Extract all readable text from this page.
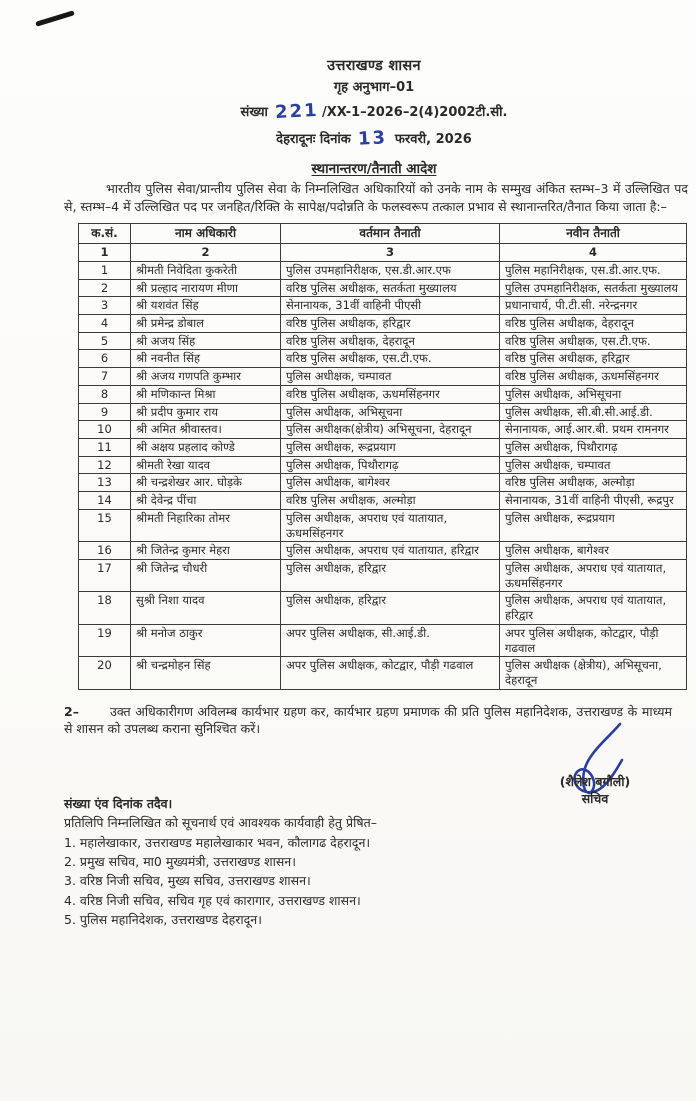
उत्तराखण्ड शासन
गृह अनुभाग–01
संख्या 221 /XX-1–2026–2(4)2002टी.सी.
देहरादूनः दिनांक 13 फरवरी, 2026
स्थानान्तरण/तैनाती आदेश

भारतीय पुलिस सेवा/प्रान्तीय पुलिस सेवा के निम्नलिखित अधिकारियों को उनके नाम के सम्मुख अंकित स्तम्भ–3 में उल्लिखित पद से, स्तम्भ–4 में उल्लिखित पद पर जनहित/रिक्ति के सापेक्ष/पदोन्नति के फलस्वरूप तत्काल प्रभाव से स्थानान्तरित/तैनात किया जाता है:–

क.सं.	नाम अधिकारी	वर्तमान तैनाती	नवीन तैनाती
1	2	3	4
1	श्रीमती निवेदिता कुकरेती	पुलिस उपमहानिरीक्षक, एस.डी.आर.एफ	पुलिस महानिरीक्षक, एस.डी.आर.एफ.
2	श्री प्रल्हाद नारायण मीणा	वरिष्ठ पुलिस अधीक्षक, सतर्कता मुख्यालय	पुलिस उपमहानिरीक्षक, सतर्कता मुख्यालय
3	श्री यशवंत सिंह	सेनानायक, 31वीं वाहिनी पीएसी	प्रधानाचार्य, पी.टी.सी. नरेन्द्रनगर
4	श्री प्रमेन्द्र डोबाल	वरिष्ठ पुलिस अधीक्षक, हरिद्वार	वरिष्ठ पुलिस अधीक्षक, देहरादून
5	श्री अजय सिंह	वरिष्ठ पुलिस अधीक्षक, देहरादून	वरिष्ठ पुलिस अधीक्षक, एस.टी.एफ.
6	श्री नवनीत सिंह	वरिष्ठ पुलिस अधीक्षक, एस.टी.एफ.	वरिष्ठ पुलिस अधीक्षक, हरिद्वार
7	श्री अजय गणपति कुम्भार	पुलिस अधीक्षक, चम्पावत	वरिष्ठ पुलिस अधीक्षक, ऊधमसिंहनगर
8	श्री मणिकान्त मिश्रा	वरिष्ठ पुलिस अधीक्षक, ऊधमसिंहनगर	पुलिस अधीक्षक, अभिसूचना
9	श्री प्रदीप कुमार राय	पुलिस अधीक्षक, अभिसूचना	पुलिस अधीक्षक, सी.बी.सी.आई.डी.
10	श्री अमित श्रीवास्तव।	पुलिस अधीक्षक(क्षेत्रीय) अभिसूचना, देहरादून	सेनानायक, आई.आर.बी. प्रथम रामनगर
11	श्री अक्षय प्रहलाद कोण्डे	पुलिस अधीक्षक, रूद्रप्रयाग	पुलिस अधीक्षक, पिथौरागढ़
12	श्रीमती रेखा यादव	पुलिस अधीक्षक, पिथौरागढ़	पुलिस अधीक्षक, चम्पावत
13	श्री चन्द्रशेखर आर. घोड़के	पुलिस अधीक्षक, बागेश्वर	वरिष्ठ पुलिस अधीक्षक, अल्मोड़ा
14	श्री देवेन्द्र पींचा	वरिष्ठ पुलिस अधीक्षक, अल्मोड़ा	सेनानायक, 31वीं वाहिनी पीएसी, रूद्रपुर
15	श्रीमती निहारिका तोमर	पुलिस अधीक्षक, अपराध एवं यातायात, ऊधमसिंहनगर	पुलिस अधीक्षक, रूद्रप्रयाग
16	श्री जितेन्द्र कुमार मेहरा	पुलिस अधीक्षक, अपराध एवं यातायात, हरिद्वार	पुलिस अधीक्षक, बागेश्वर
17	श्री जितेन्द्र चौधरी	पुलिस अधीक्षक, हरिद्वार	पुलिस अधीक्षक, अपराध एवं यातायात, ऊधमसिंहनगर
18	सुश्री निशा यादव	पुलिस अधीक्षक, हरिद्वार	पुलिस अधीक्षक, अपराध एवं यातायात, हरिद्वार
19	श्री मनोज ठाकुर	अपर पुलिस अधीक्षक, सी.आई.डी.	अपर पुलिस अधीक्षक, कोटद्वार, पौड़ी गढवाल
20	श्री चन्द्रमोहन सिंह	अपर पुलिस अधीक्षक, कोटद्वार, पौड़ी गढवाल	पुलिस अधीक्षक (क्षेत्रीय), अभिसूचना, देहरादून

2– उक्त अधिकारीगण अविलम्ब कार्यभार ग्रहण कर, कार्यभार ग्रहण प्रमाणक की प्रति पुलिस महानिदेशक, उत्तराखण्ड के माध्यम से शासन को उपलब्ध कराना सुनिश्चित करें।

(शैलेश बगौली)
सचिव
संख्या एंव दिनांक तदैव।
प्रतिलिपि निम्नलिखित को सूचनार्थ एवं आवश्यक कार्यवाही हेतु प्रेषित–
1. महालेखाकार, उत्तराखण्ड महालेखाकार भवन, कौलागढ देहरादून।
2. प्रमुख सचिव, मा0 मुख्यमंत्री, उत्तराखण्ड शासन।
3. वरिष्ठ निजी सचिव, मुख्य सचिव, उत्तराखण्ड शासन।
4. वरिष्ठ निजी सचिव, सचिव गृह एवं कारागार, उत्तराखण्ड शासन।
5. पुलिस महानिदेशक, उत्तराखण्ड देहरादून।
